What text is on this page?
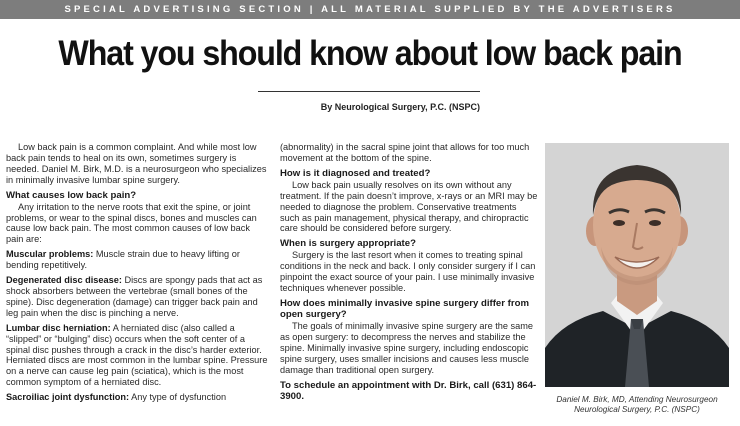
SPECIAL ADVERTISING SECTION | ALL MATERIAL SUPPLIED BY THE ADVERTISERS
What you should know about low back pain
By Neurological Surgery, P.C. (NSPC)

Low back pain is a common complaint. And while most low back pain tends to heal on its own, sometimes surgery is needed. Daniel M. Birk, M.D. is a neurosurgeon who specializes in minimally invasive lumbar spine surgery.

What causes low back pain?

Any irritation to the nerve roots that exit the spine, or joint problems, or wear to the spinal discs, bones and muscles can cause low back pain. The most common causes of low back pain are:

Muscular problems: Muscle strain due to heavy lifting or bending repetitively.

Degenerated disc disease: Discs are spongy pads that act as shock absorbers between the vertebrae (small bones of the spine). Disc degeneration (damage) can trigger back pain and leg pain when the disc is pinching a nerve.

Lumbar disc herniation: A herniated disc (also called a “slipped” or “bulging” disc) occurs when the soft center of a spinal disc pushes through a crack in the disc’s harder exterior. Herniated discs are most common in the lumbar spine. Pressure on a nerve can cause leg pain (sciatica), which is the most common symptom of a herniated disc.

Sacroiliac joint dysfunction: Any type of dysfunction

(abnormality) in the sacral spine joint that allows for too much movement at the bottom of the spine.

How is it diagnosed and treated?

Low back pain usually resolves on its own without any treatment. If the pain doesn’t improve, x-rays or an MRI may be needed to diagnose the problem. Conservative treatments such as pain management, physical therapy, and chiropractic care should be considered before surgery.

When is surgery appropriate?

Surgery is the last resort when it comes to treating spinal conditions in the neck and back. I only consider surgery if I can pinpoint the exact source of your pain. I use minimally invasive techniques whenever possible.

How does minimally invasive spine surgery differ from open surgery?

The goals of minimally invasive spine surgery are the same as open surgery: to decompress the nerves and stabilize the spine. Minimally invasive spine surgery, including endoscopic spine surgery, uses smaller incisions and causes less muscle damage than traditional open surgery.

To schedule an appointment with Dr. Birk, call (631) 864-3900.	Daniel M. Birk, MD, Attending Neurosurgeon
Neurological Surgery, P.C. (NSPC)
